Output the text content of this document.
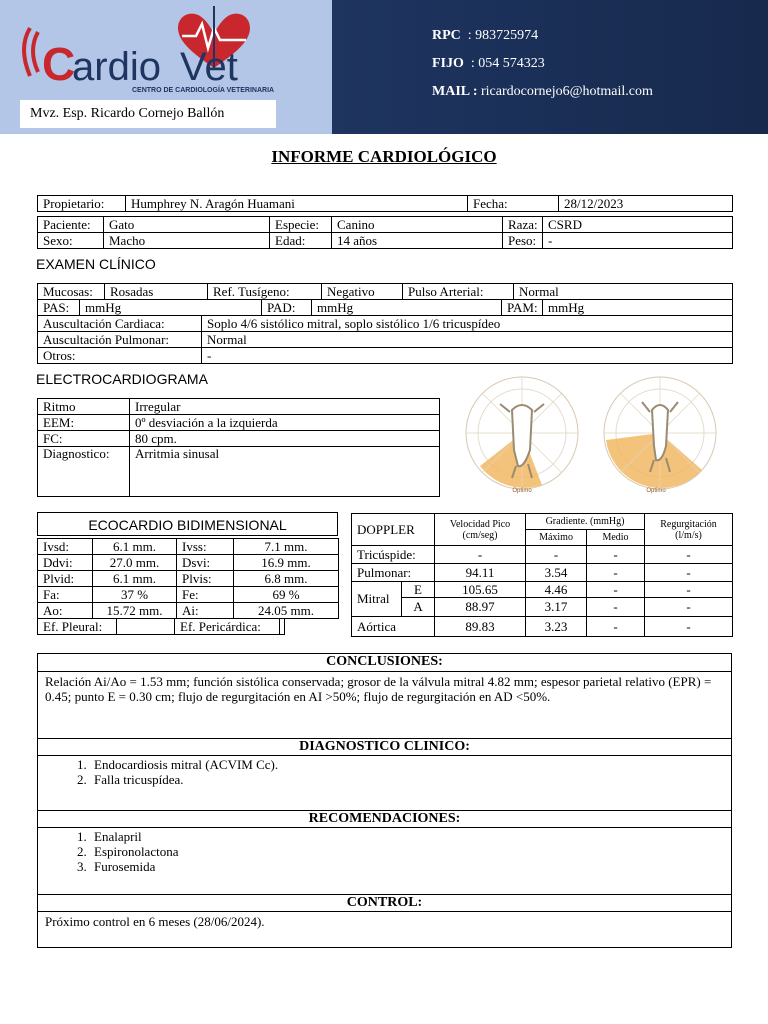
C
ardio Vet
CENTRO DE CARDIOLOGÍA VETERINARIA
Mvz. Esp. Ricardo Cornejo Ballón
RPC : 983725974
FIJO : 054 574323
MAIL : ricardocornejo6@hotmail.com
INFORME CARDIOLÓGICO
Propietario:	Humphrey N. Aragón Huamani	Fecha:	28/12/2023
Paciente:	Gato	Especie:	Canino	Raza:	CSRD
Sexo:	Macho	Edad:	14 años	Peso:	-
EXAMEN CLÍNICO
Mucosas:	Rosadas	Ref. Tusígeno:	Negativo	Pulso Arterial:	Normal
PAS:	mmHg	PAD:	mmHg	PAM:	mmHg
Auscultación Cardiaca:	Soplo 4/6 sistólico mitral, soplo sistólico 1/6 tricuspídeo
Auscultación Pulmonar:	Normal
Otros:	-
ELECTROCARDIOGRAMA
Ritmo	Irregular
EEM:	0º desviación a la izquierda
FC:	80 cpm.
Diagnostico:	Arritmia sinusal
Optimo	Optimo
ECOCARDIO BIDIMENSIONAL
Ivsd:	6.1 mm.	Ivss:	7.1 mm.
Ddvi:	27.0 mm.	Dsvi:	16.9 mm.
Plvid:	6.1 mm.	Plvis:	6.8 mm.
Fa:	37 %	Fe:	69 %
Ao:	15.72 mm.	Ai:	24.05 mm.
Ef. Pleural:		Ef. Pericárdica:	
DOPPLER		Velocidad Pico (cm/seg)	Gradiente. (mmHg)		Regurgitación (l/m/s)
			Máximo	Medio	
Tricúspide:		-	-	-	-
Pulmonar:		94.11	3.54	-	-
Mitral	E	105.65	4.46	-	-
	A	88.97	3.17	-	-
Aórtica		89.83	3.23	-	-
CONCLUSIONES:
Relación Ai/Ao = 1.53 mm; función sistólica conservada; grosor de la válvula mitral 4.82 mm; espesor parietal relativo (EPR) = 0.45; punto E = 0.30 cm; flujo de regurgitación en AI >50%; flujo de regurgitación en AD <50%.
DIAGNOSTICO CLINICO:
1. Endocardiosis mitral (ACVIM Cc).
2. Falla tricuspídea.
RECOMENDACIONES:
1. Enalapril
2. Espironolactona
3. Furosemida
CONTROL:
Próximo control en 6 meses (28/06/2024).
